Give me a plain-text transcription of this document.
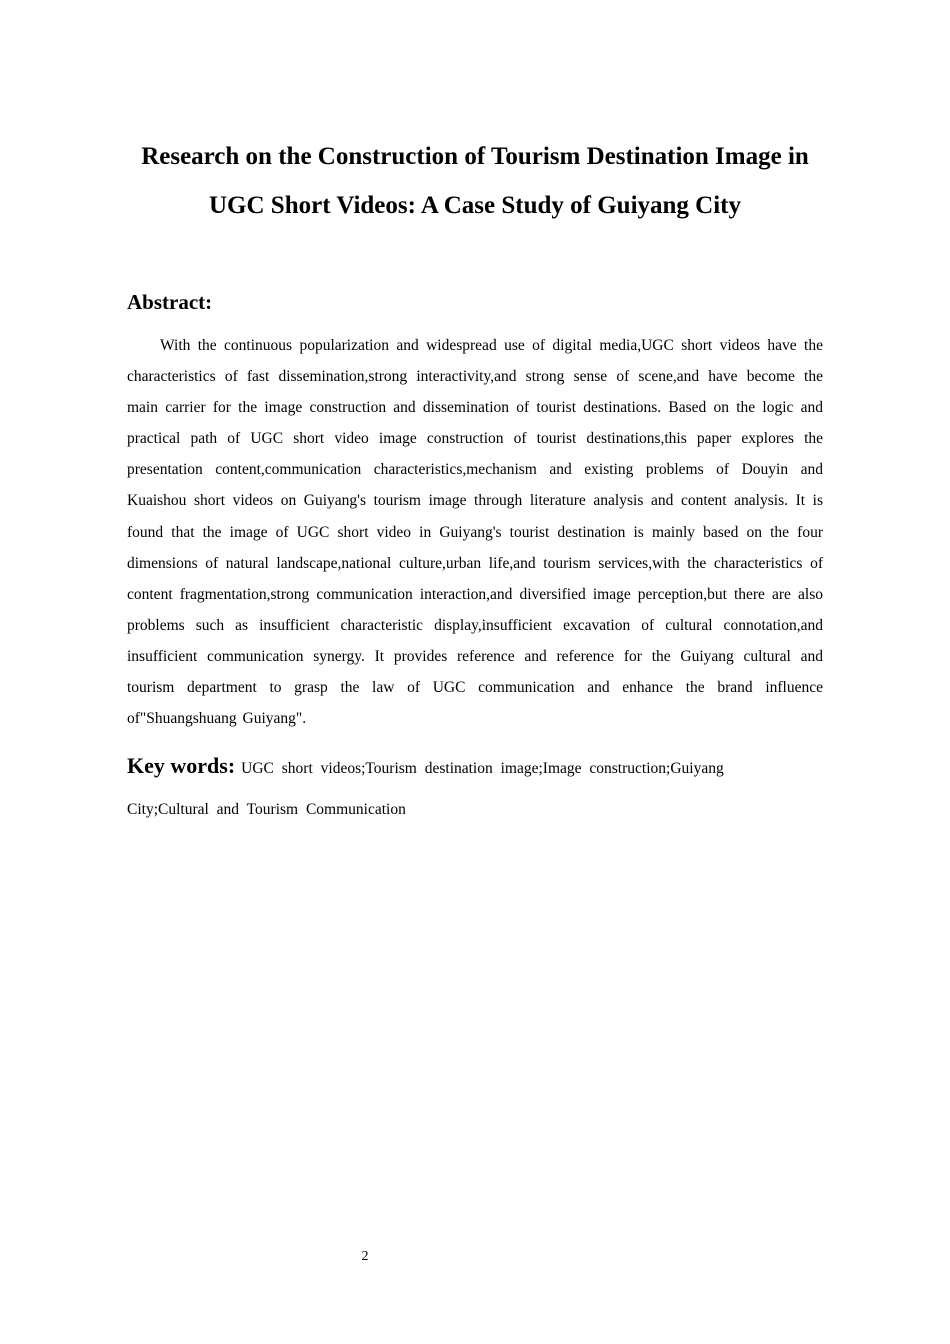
Research on the Construction of Tourism Destination Image in
UGC Short Videos: A Case Study of Guiyang City
Abstract:

With the continuous popularization and widespread use of digital media,UGC short videos have the characteristics of fast dissemination,strong interactivity,and strong sense of scene,and have become the main carrier for the image construction and dissemination of tourist destinations. Based on the logic and practical path of UGC short video image construction of tourist destinations,this paper explores the presentation content,communication characteristics,mechanism and existing problems of Douyin and Kuaishou short videos on Guiyang's tourism image through literature analysis and content analysis. It is found that the image of UGC short video in Guiyang's tourist destination is mainly based on the four dimensions of natural landscape,national culture,urban life,and tourism services,with the characteristics of content fragmentation,strong communication interaction,and diversified image perception,but there are also problems such as insufficient characteristic display,insufficient excavation of cultural connotation,and insufficient communication synergy. It provides reference and reference for the Guiyang cultural and tourism department to grasp the law of UGC communication and enhance the brand influence of"Shuangshuang Guiyang".

Key words: UGC short videos;Tourism destination image;Image construction;Guiyang City;Cultural and Tourism Communication

2
